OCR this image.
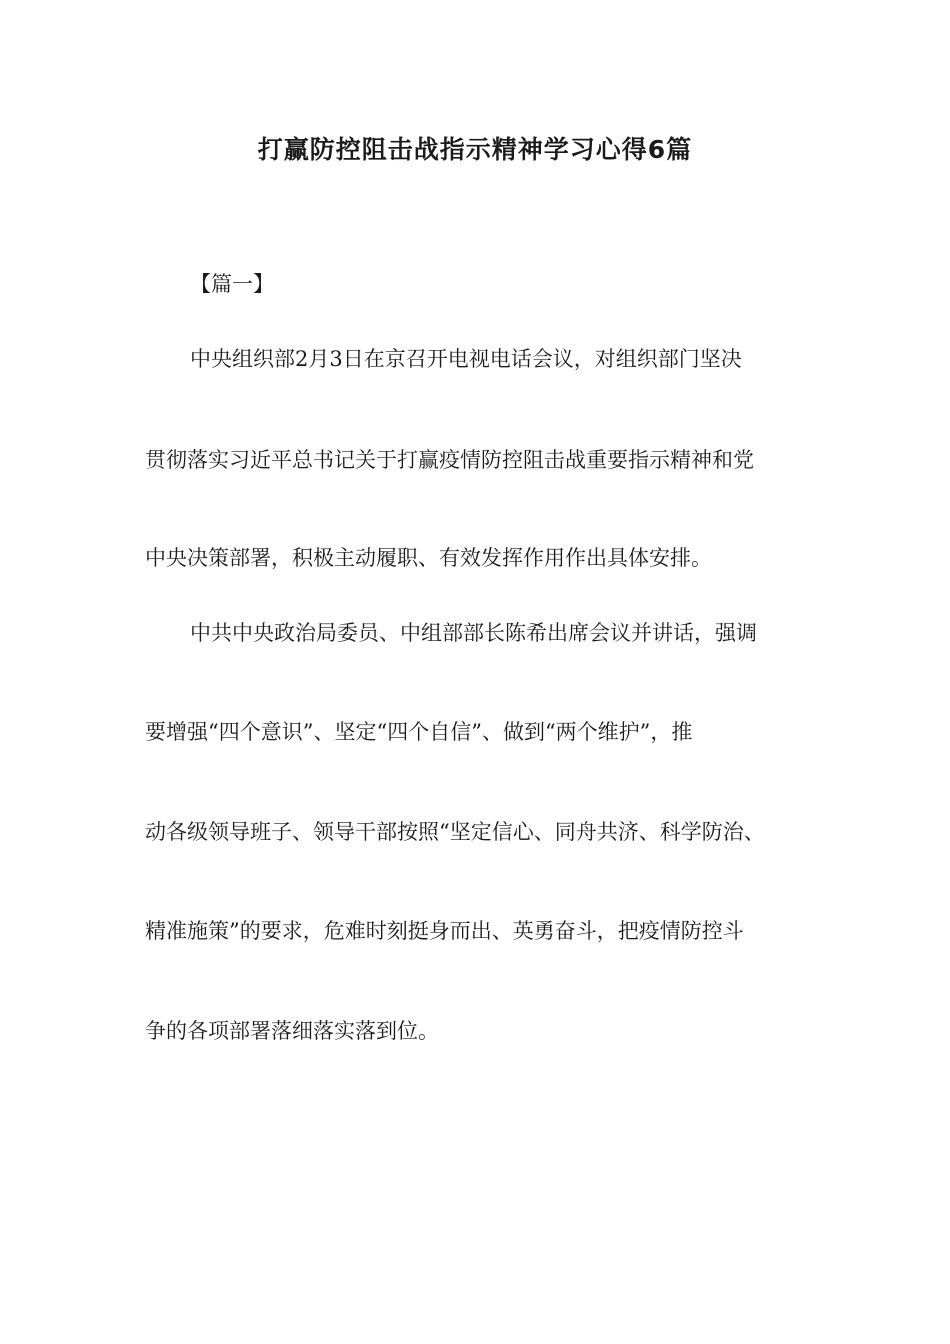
打赢防控阻击战指示精神学习心得6篇

【篇一】

中央组织部2月3日在京召开电视电话会议，对组织部门坚决

贯彻落实习近平总书记关于打赢疫情防控阻击战重要指示精神和党

中央决策部署，积极主动履职、有效发挥作用作出具体安排。

中共中央政治局委员、中组部部长陈希出席会议并讲话，强调

要增强“四个意识”、坚定“四个自信”、做到“两个维护”，推

动各级领导班子、领导干部按照“坚定信心、同舟共济、科学防治、

精准施策”的要求，危难时刻挺身而出、英勇奋斗，把疫情防控斗

争的各项部署落细落实落到位。
